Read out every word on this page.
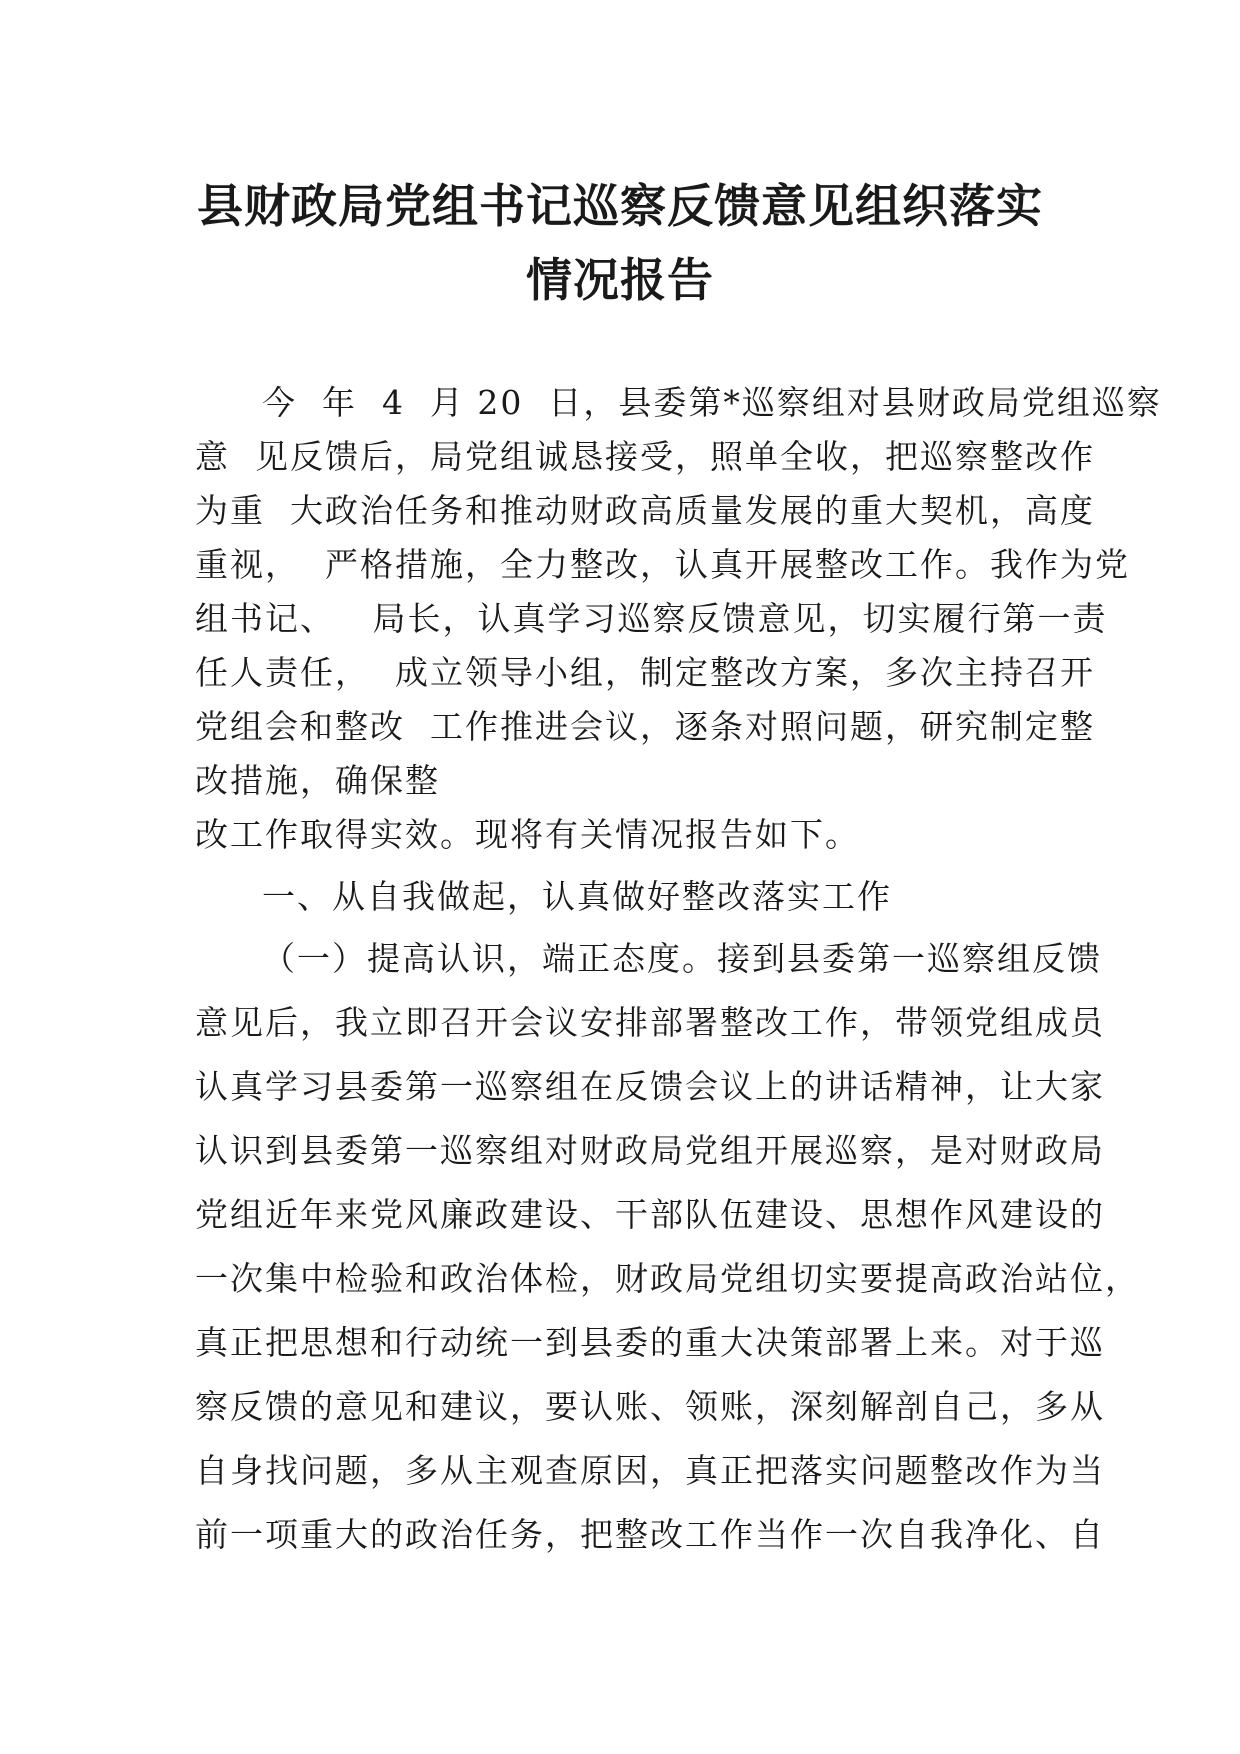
县财政局党组书记巡察反馈意见组织落实
情况报告
今  年  4  月 20  日，县委第*巡察组对县财政局党组巡察
意  见反馈后，局党组诚恳接受，照单全收，把巡察整改作
为重  大政治任务和推动财政高质量发展的重大契机，高度
重视，  严格措施，全力整改，认真开展整改工作。我作为党
组书记、   局长，认真学习巡察反馈意见，切实履行第一责
任人责任，  成立领导小组，制定整改方案，多次主持召开
党组会和整改  工作推进会议，逐条对照问题，研究制定整
改措施，确保整
改工作取得实效。现将有关情况报告如下。
一、从自我做起，认真做好整改落实工作
（一）提高认识，端正态度。接到县委第一巡察组反馈
意见后，我立即召开会议安排部署整改工作，带领党组成员
认真学习县委第一巡察组在反馈会议上的讲话精神，让大家
认识到县委第一巡察组对财政局党组开展巡察，是对财政局
党组近年来党风廉政建设、干部队伍建设、思想作风建设的
一次集中检验和政治体检，财政局党组切实要提高政治站位，
真正把思想和行动统一到县委的重大决策部署上来。对于巡
察反馈的意见和建议，要认账、领账，深刻解剖自己，多从
自身找问题，多从主观查原因，真正把落实问题整改作为当
前一项重大的政治任务，把整改工作当作一次自我净化、自
